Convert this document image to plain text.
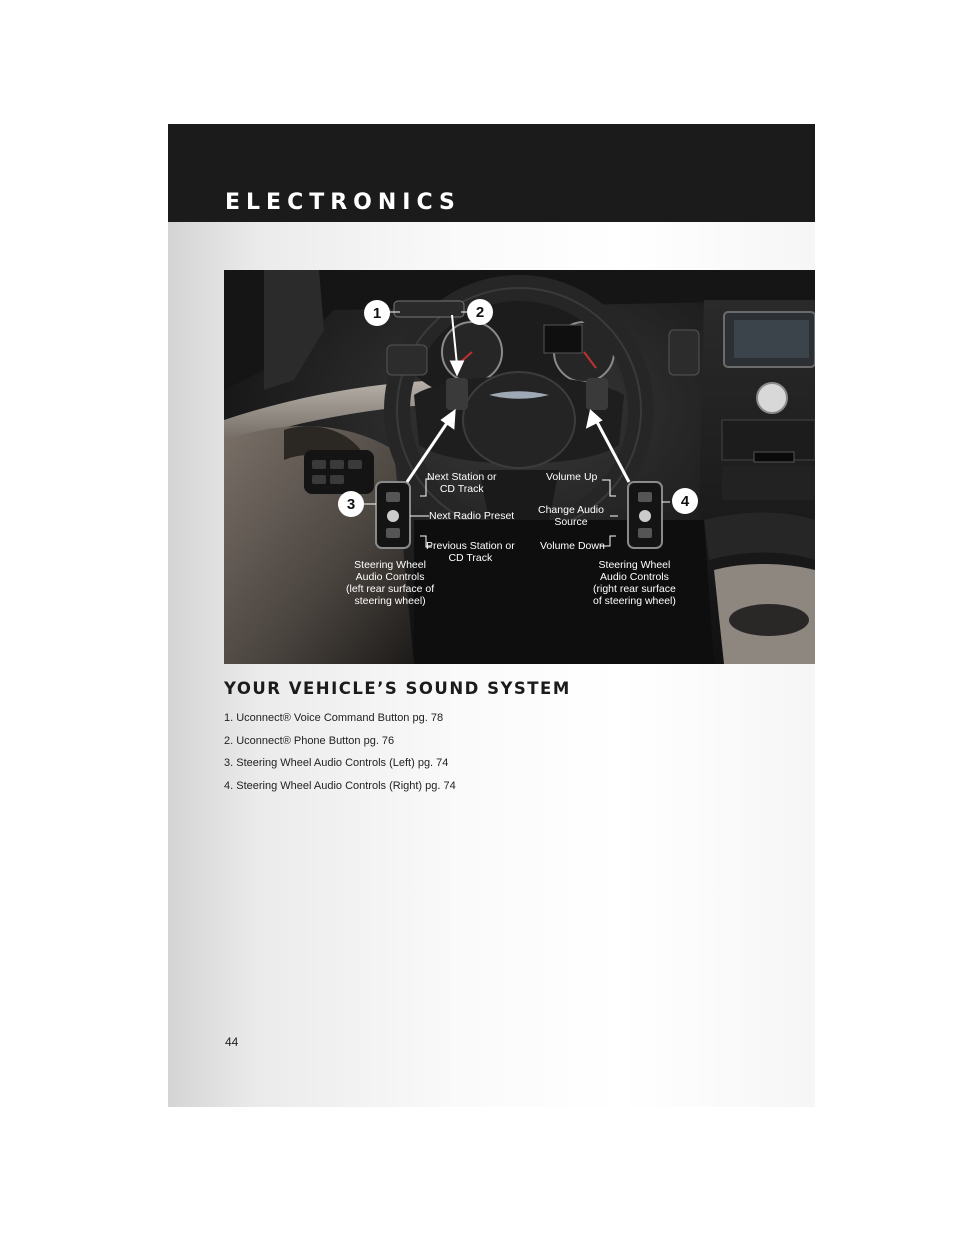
ELECTRONICS
1	2
3	4
Next Station or
CD Track
Next Radio Preset
Previous Station or
CD Track
Steering Wheel
Audio Controls
(left rear surface of
steering wheel)
Volume Up
Change Audio
Source
Volume Down
Steering Wheel
Audio Controls
(right rear surface
of steering wheel)
YOUR VEHICLE’S SOUND SYSTEM
1. Uconnect® Voice Command Button pg. 78
2. Uconnect® Phone Button pg. 76
3. Steering Wheel Audio Controls (Left) pg. 74
4. Steering Wheel Audio Controls (Right) pg. 74
44
